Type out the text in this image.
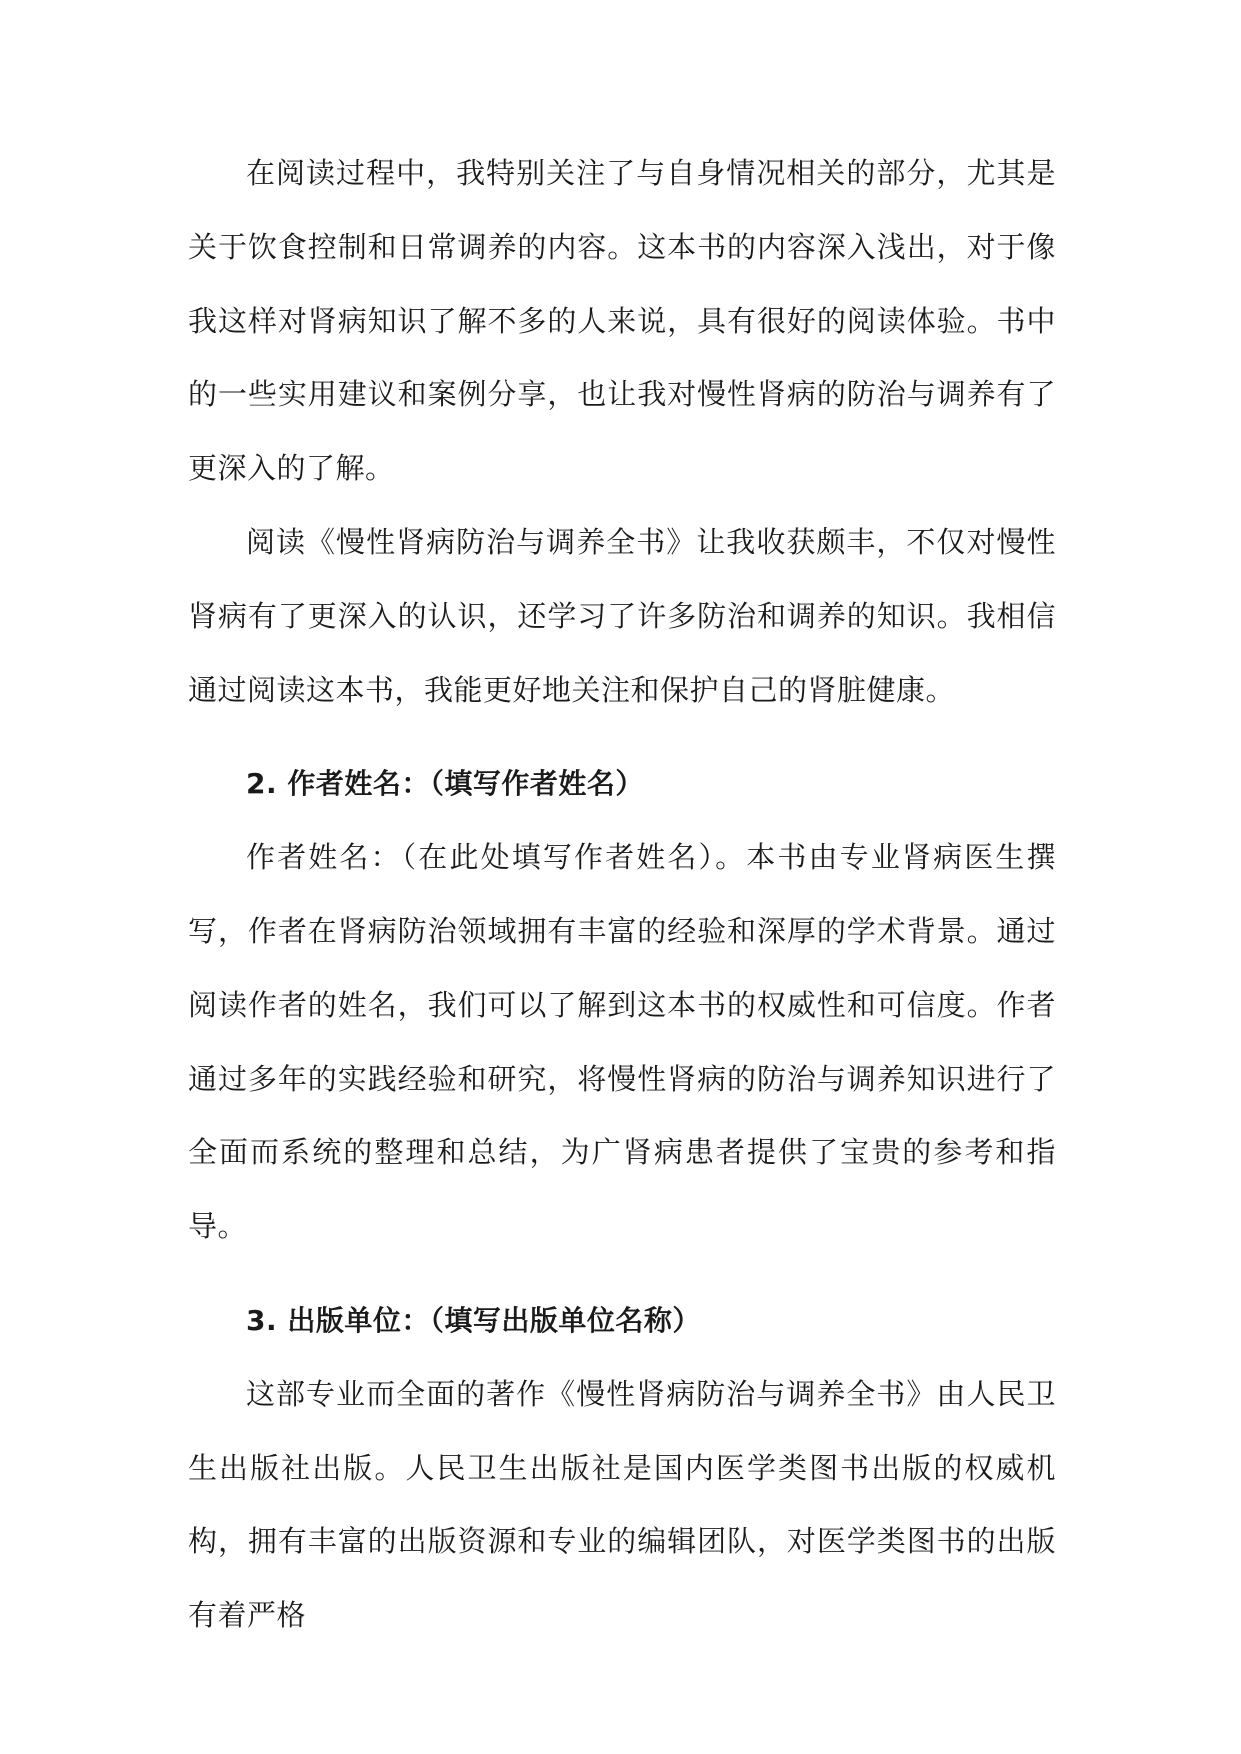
在阅读过程中，我特别关注了与自身情况相关的部分，尤其是关于饮食控制和日常调养的内容。这本书的内容深入浅出，对于像我这样对肾病知识了解不多的人来说，具有很好的阅读体验。书中的一些实用建议和案例分享，也让我对慢性肾病的防治与调养有了更深入的了解。

阅读《慢性肾病防治与调养全书》让我收获颇丰，不仅对慢性肾病有了更深入的认识，还学习了许多防治和调养的知识。我相信通过阅读这本书，我能更好地关注和保护自己的肾脏健康。

2. 作者姓名：（填写作者姓名）

作者姓名：（在此处填写作者姓名）。本书由专业肾病医生撰写，作者在肾病防治领域拥有丰富的经验和深厚的学术背景。通过阅读作者的姓名，我们可以了解到这本书的权威性和可信度。作者通过多年的实践经验和研究，将慢性肾病的防治与调养知识进行了全面而系统的整理和总结，为广肾病患者提供了宝贵的参考和指导。

3. 出版单位：（填写出版单位名称）

这部专业而全面的著作《慢性肾病防治与调养全书》由人民卫生出版社出版。人民卫生出版社是国内医学类图书出版的权威机构，拥有丰富的出版资源和专业的编辑团队，对医学类图书的出版有着严格
